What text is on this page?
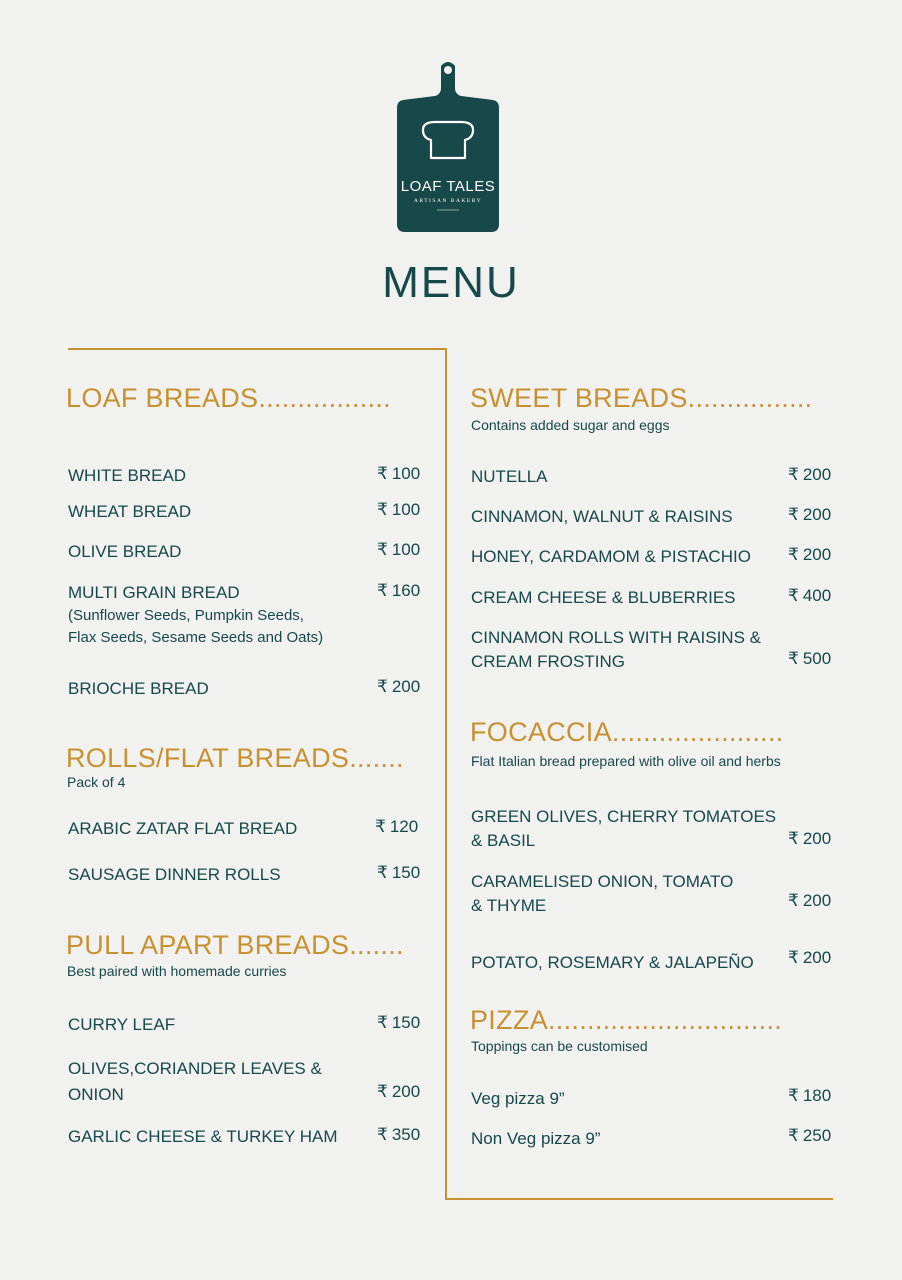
LOAF TALES
ARTISAN BAKERY
MENU
LOAF BREADS.................
WHITE BREAD	₹ 100
WHEAT BREAD	₹ 100
OLIVE BREAD	₹ 100
MULTI GRAIN BREAD
(Sunflower Seeds, Pumpkin Seeds,
Flax Seeds, Sesame Seeds and Oats)
₹ 160
BRIOCHE BREAD	₹ 200
ROLLS/FLAT BREADS.......
Pack of 4
ARABIC ZATAR FLAT BREAD	₹ 120
SAUSAGE DINNER ROLLS	₹ 150
PULL APART BREADS.......
Best paired with homemade curries
CURRY LEAF	₹ 150
OLIVES,CORIANDER LEAVES &
ONION	₹ 200
GARLIC CHEESE & TURKEY HAM ₹ 350
SWEET BREADS................
Contains added sugar and eggs
NUTELLA	₹ 200
CINNAMON, WALNUT & RAISINS	₹ 200
HONEY, CARDAMOM & PISTACHIO ₹ 200
CREAM CHEESE & BLUBERRIES	₹ 400
CINNAMON ROLLS WITH RAISINS &
CREAM FROSTING	₹ 500
FOCACCIA......................
Flat Italian bread prepared with olive oil and herbs
GREEN OLIVES, CHERRY TOMATOES
& BASIL	₹ 200
CARAMELISED ONION, TOMATO
& THYME	₹ 200
POTATO, ROSEMARY & JALAPEÑO ₹ 200
PIZZA..............................
Toppings can be customised
Veg pizza 9”	₹ 180
Non Veg pizza 9”	₹ 250
